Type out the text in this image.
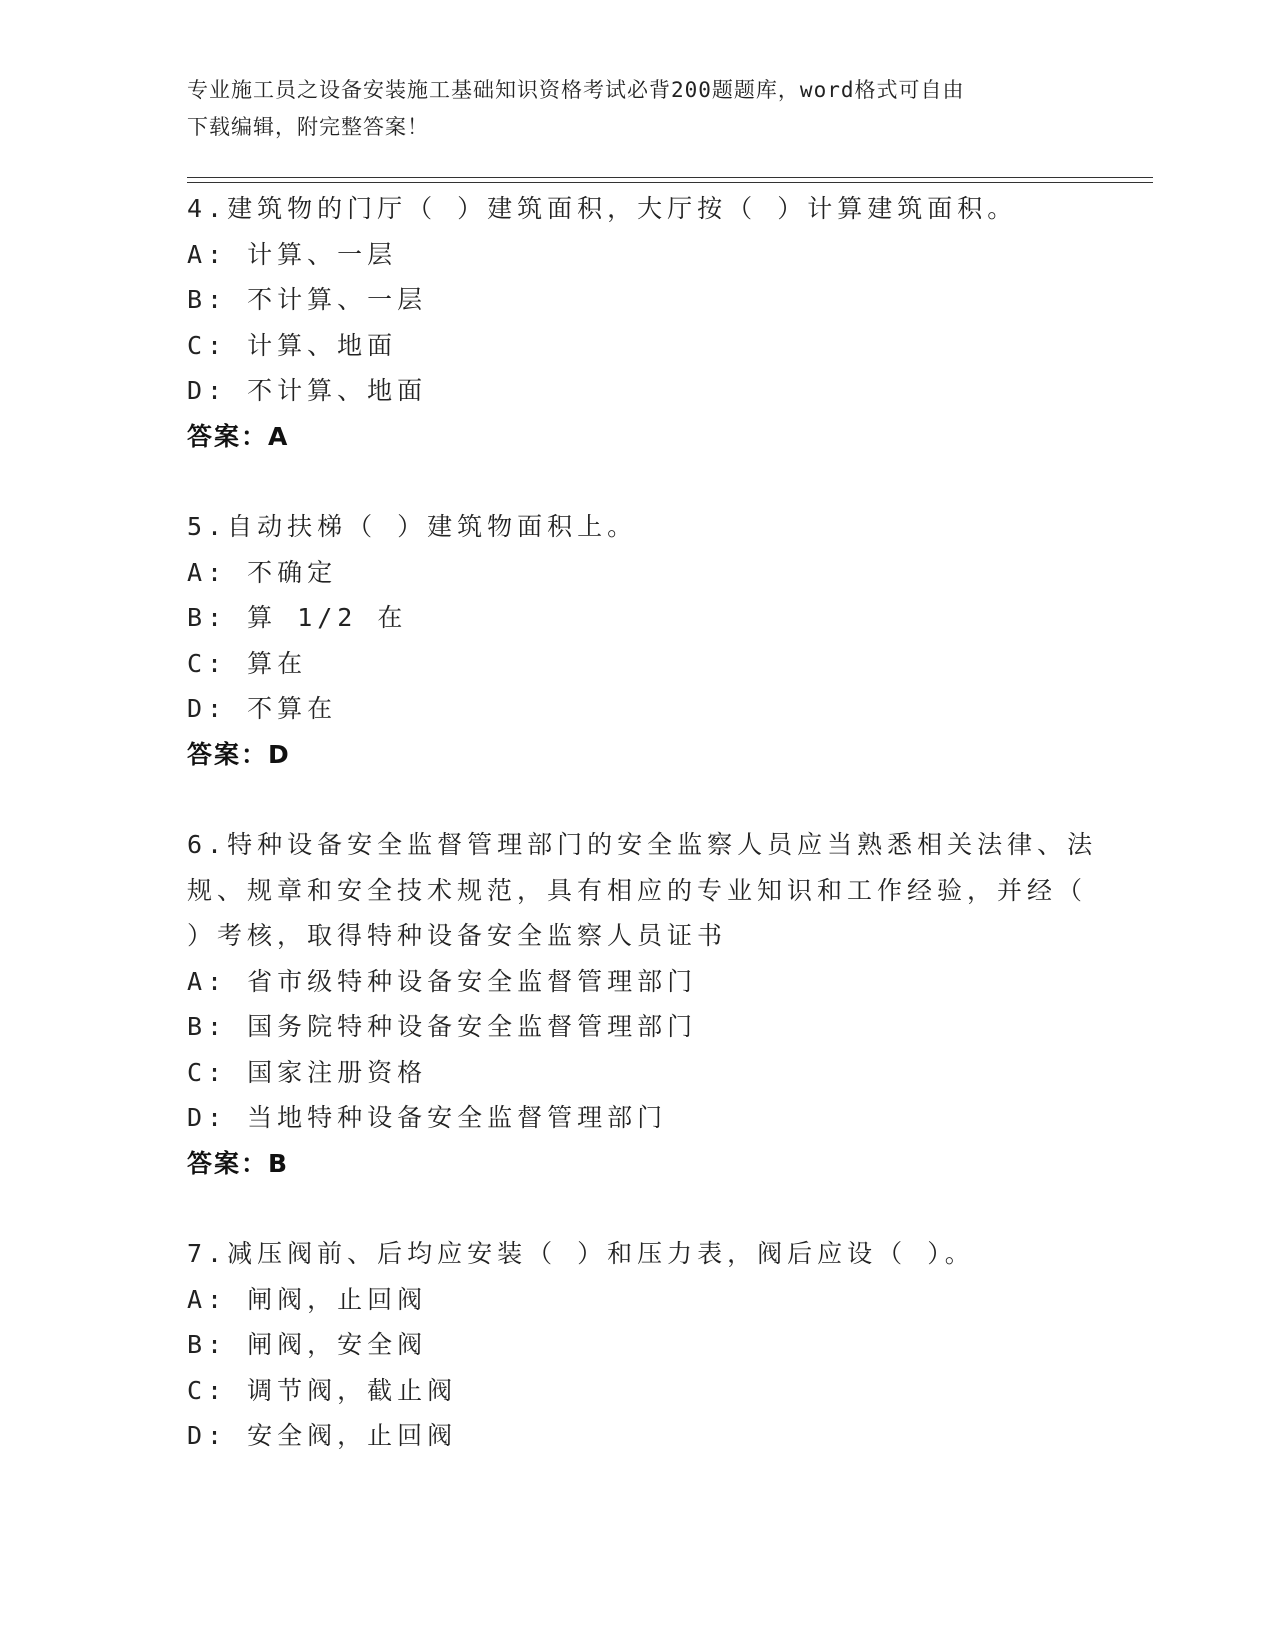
专业施工员之设备安装施工基础知识资格考试必背200题题库，word格式可自由
下载编辑，附完整答案！
4.建筑物的门厅（ ）建筑面积，大厅按（ ）计算建筑面积。
A: 计算、一层
B: 不计算、一层
C: 计算、地面
D: 不计算、地面
答案：A
5.自动扶梯（ ）建筑物面积上。
A: 不确定
B: 算 1/2 在
C: 算在
D: 不算在
答案：D
6.特种设备安全监督管理部门的安全监察人员应当熟悉相关法律、法
规、规章和安全技术规范，具有相应的专业知识和工作经验，并经（
）考核，取得特种设备安全监察人员证书
A: 省市级特种设备安全监督管理部门
B: 国务院特种设备安全监督管理部门
C: 国家注册资格
D: 当地特种设备安全监督管理部门
答案：B
7.减压阀前、后均应安装（ ）和压力表，阀后应设（ ）。
A: 闸阀，止回阀
B: 闸阀，安全阀
C: 调节阀，截止阀
D: 安全阀，止回阀
